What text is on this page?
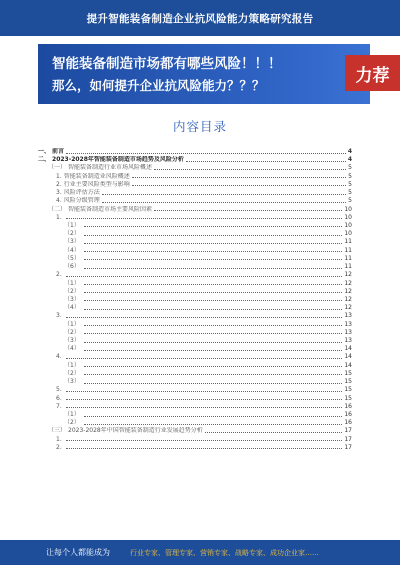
提升智能装备制造企业抗风险能力策略研究报告
智能装备制造市场都有哪些风险！！！
那么，如何提升企业抗风险能力？？？	力荐
内容目录
一、 前言	4
二、 2023-2028年智能装备制造市场趋势及风险分析	4
（一） 智能装备制造行业市场风险概述	5
1. 智能装备制造业风险概述	5
2. 行业主要风险类型与影响	5
3. 风险评估方法	5
4. 风险分级管理	5
（二） 智能装备制造市场主要风险因素	10
1.	10
（1）	10
（2）	10
（3）	11
（4）	11
（5）	11
（6）	11
2.	12
（1）	12
（2）	12
（3）	12
（4）	12
3.	13
（1）	13
（2）	13
（3）	13
（4）	14
4.	14
（1）	14
（2）	15
（3）	15
5.	15
6.	15
7.	16
（1）	16
（2）	16
（三） 2023-2028年中国智能装备制造行业发展趋势分析	17
1.	17
2.	17
让每个人都能成为	行业专家、管理专家、营销专家、战略专家、成功企业家……
